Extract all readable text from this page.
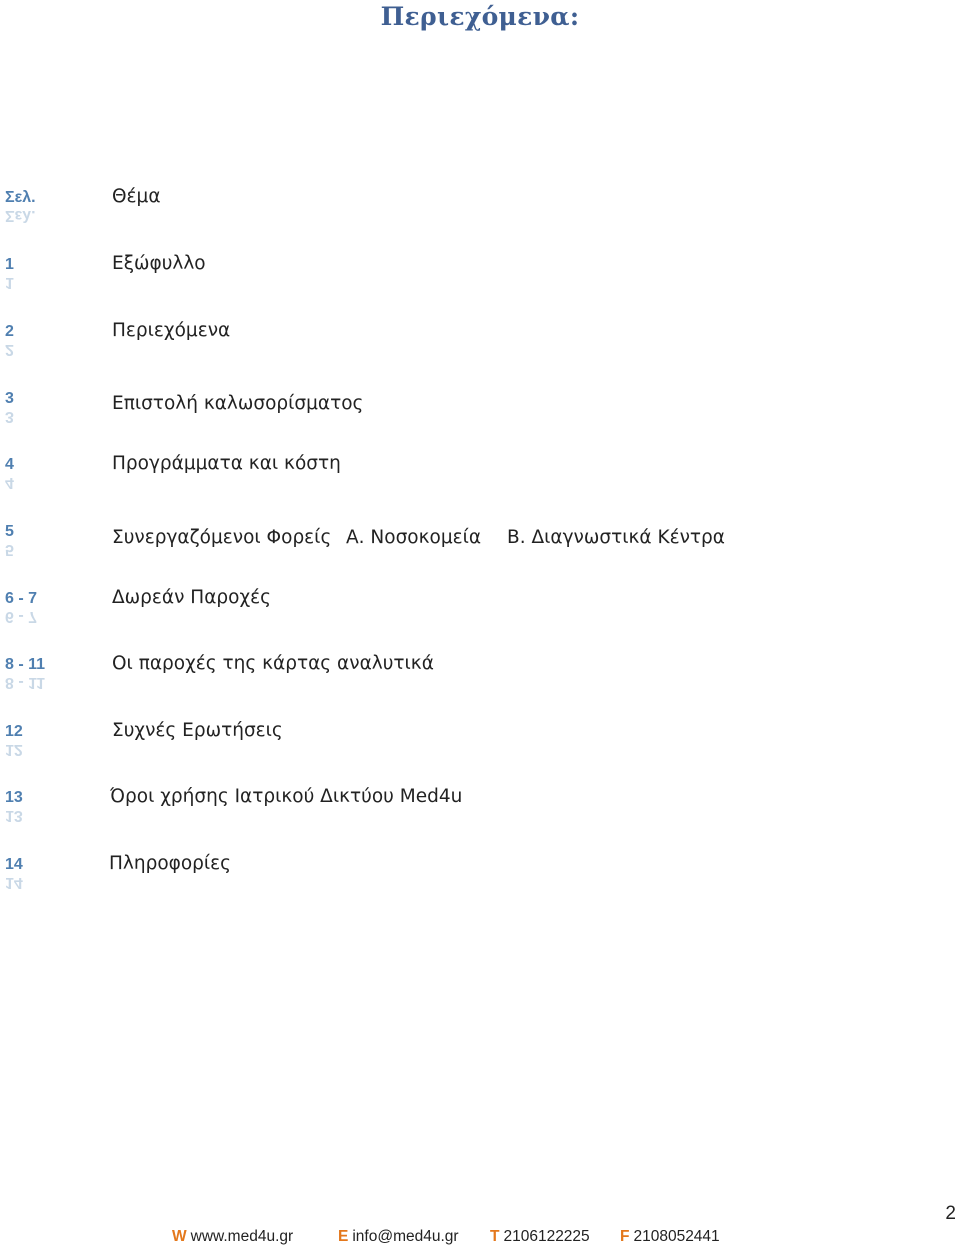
Περιεχόμενα:
Σελ.
Σελ.
Θέμα
1
1
Εξώφυλλο
2
2
Περιεχόμενα
3
3
Επιστολή καλωσορίσματος
4
4
Προγράμματα και κόστη
5
5
Συνεργαζόμενοι Φορείς Α. Νοσοκομεία Β. Διαγνωστικά Κέντρα
6 - 7
6 - 7
Δωρεάν Παροχές
8 - 11
8 - 11
Οι παροχές της κάρτας αναλυτικά
12
12
Συχνές Ερωτήσεις
13
13
Όροι χρήσης Ιατρικού Δικτύου Med4u
14
14
Πληροφορίες
2
W www.med4u.gr	E info@med4u.gr T 2106122225 F 2108052441
